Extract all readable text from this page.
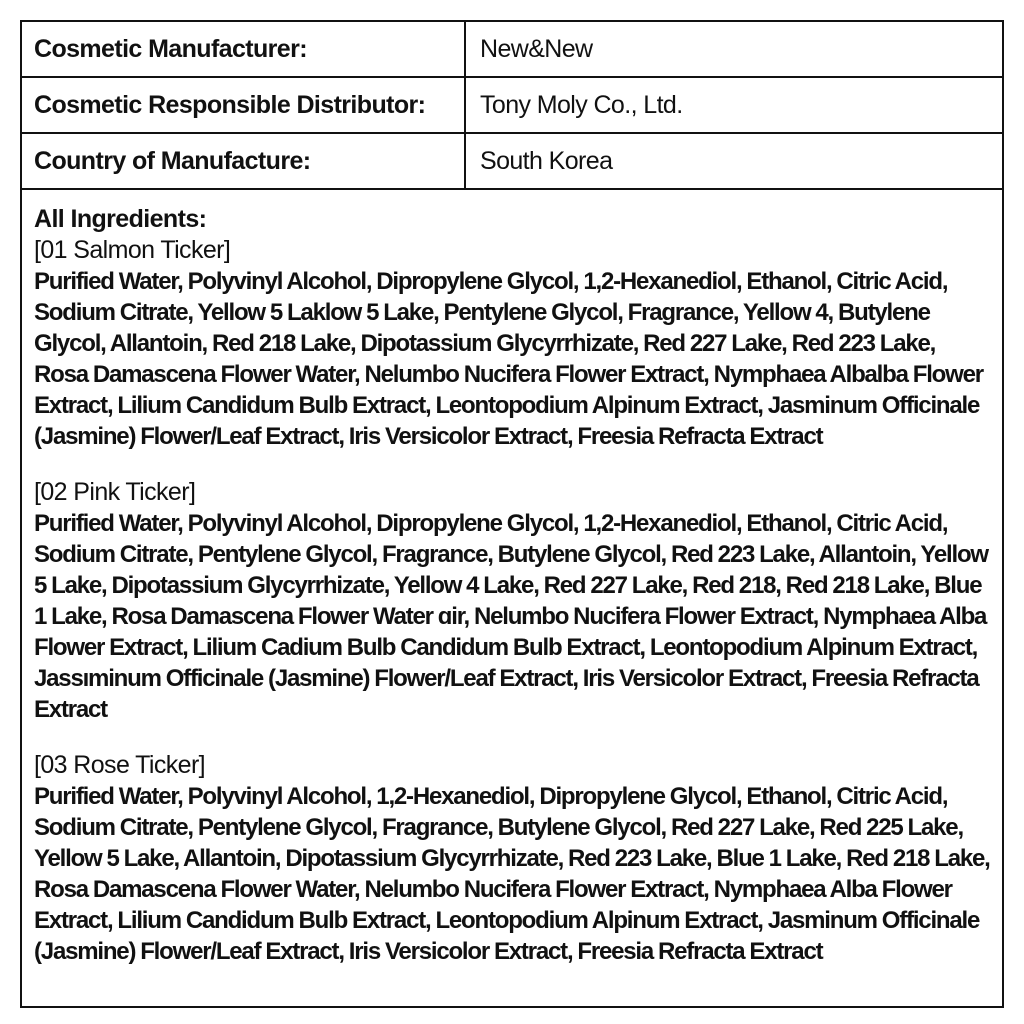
Cosmetic Manufacturer:	New&New
Cosmetic Responsible Distributor:	Tony Moly Co., Ltd.
Country of Manufacture:	South Korea

All Ingredients:

[01 Salmon Ticker]

Purified Water, Polyvinyl Alcohol, Dipropylene Glycol, 1,2-Hexanediol, Ethanol, Citric Acid, Sodium Citrate, Yellow 5 Laklow 5 Lake, Pentylene Glycol, Fragrance, Yellow 4, Butylene Glycol, Allantoin, Red 218 Lake, Dipotassium Glycyrrhizate, Red 227 Lake, Red 223 Lake, Rosa Damascena Flower Water, Nelumbo Nucifera Flower Extract, Nymphaea Albalba Flower Extract, Lilium Candidum Bulb Extract, Leontopodium Alpinum Extract, Jasminum Officinale (Jasmine) Flower/Leaf Extract, Iris Versicolor Extract, Freesia Refracta Extract

[02 Pink Ticker]

Purified Water, Polyvinyl Alcohol, Dipropylene Glycol, 1,2-Hexanediol, Ethanol, Citric Acid, Sodium Citrate, Pentylene Glycol, Fragrance, Butylene Glycol, Red 223 Lake, Allantoin, Yellow 5 Lake, Dipotassium Glycyrrhizate, Yellow 4 Lake, Red 227 Lake, Red 218, Red 218 Lake, Blue 1 Lake, Rosa Damascena Flower Water ɑir, Nelumbo Nucifera Flower Extract, Nymphaea Alba Flower Extract, Lilium Cadium Bulb Candidum Bulb Extract, Leontopodium Alpinum Extract, Jassıminum Officinale (Jasmine) Flower/Leaf Extract, Iris Versicolor Extract, Freesia Refracta Extract

[03 Rose Ticker]

Purified Water, Polyvinyl Alcohol, 1,2-Hexanediol, Dipropylene Glycol, Ethanol, Citric Acid, Sodium Citrate, Pentylene Glycol, Fragrance, Butylene Glycol, Red 227 Lake, Red 225 Lake, Yellow 5 Lake, Allantoin, Dipotassium Glycyrrhizate, Red 223 Lake, Blue 1 Lake, Red 218 Lake, Rosa Damascena Flower Water, Nelumbo Nucifera Flower Extract, Nymphaea Alba Flower Extract, Lilium Candidum Bulb Extract, Leontopodium Alpinum Extract, Jasminum Officinale (Jasmine) Flower/Leaf Extract, Iris Versicolor Extract, Freesia Refracta Extract
